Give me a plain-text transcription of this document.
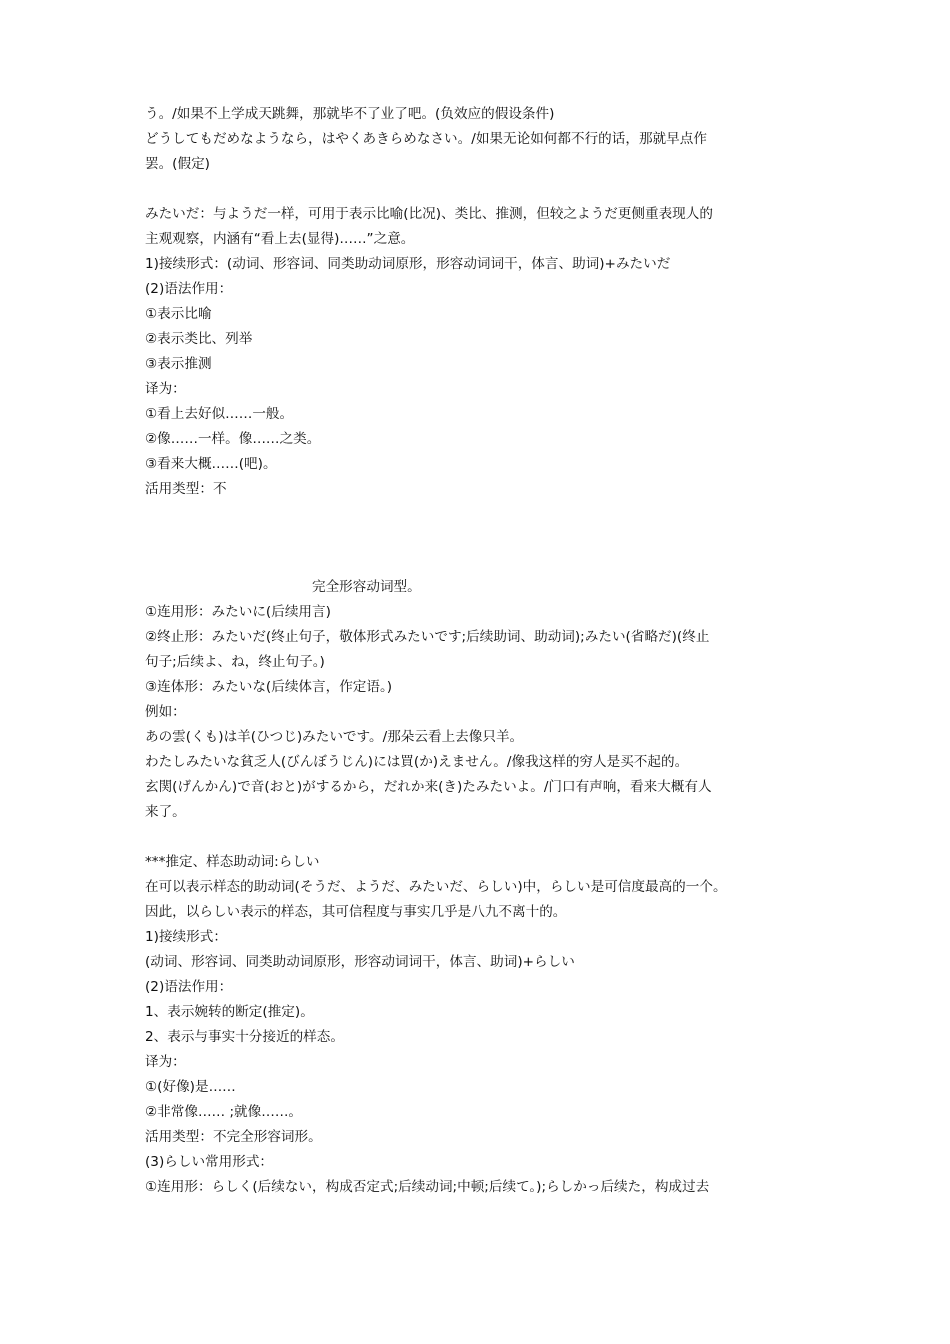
う。/如果不上学成天跳舞，那就毕不了业了吧。(负效应的假设条件)
どうしてもだめなようなら，はやくあきらめなさい。/如果无论如何都不行的话，那就早点作
罢。(假定)
みたいだ：与ようだ一样，可用于表示比喻(比况)、类比、推测，但较之ようだ更侧重表现人的
主观观察，内涵有“看上去(显得)……”之意。
1)接续形式：(动词、形容词、同类助动词原形，形容动词词干，体言、助词)+みたいだ
(2)语法作用：
①表示比喻
②表示类比、列举
③表示推测
译为：
①看上去好似……一般。
②像……一样。像……之类。
③看来大概……(吧)。
活用类型：不
完全形容动词型。
①连用形：みたいに(后续用言)
②终止形：みたいだ(终止句子，敬体形式みたいです;后续助词、助动词);みたい(省略だ)(终止
句子;后续よ、ね，终止句子。)
③连体形：みたいな(后续体言，作定语。)
例如：
あの雲(くも)は羊(ひつじ)みたいです。/那朵云看上去像只羊。
わたしみたいな貧乏人(びんぼうじん)には買(か)えません。/像我这样的穷人是买不起的。
玄関(げんかん)で音(おと)がするから，だれか来(き)たみたいよ。/门口有声响，看来大概有人
来了。
***推定、样态助动词:らしい
在可以表示样态的助动词(そうだ、ようだ、みたいだ、らしい)中，らしい是可信度最高的一个。
因此，以らしい表示的样态，其可信程度与事实几乎是八九不离十的。
1)接续形式：
(动词、形容词、同类助动词原形，形容动词词干，体言、助词)+らしい
(2)语法作用：
1、表示婉转的断定(推定)。
2、表示与事实十分接近的样态。
译为：
①(好像)是……
②非常像…… ;就像……。
活用类型：不完全形容词形。
(3)らしい常用形式：
①连用形：らしく(后续ない，构成否定式;后续动词;中顿;后续て。);らしかっ后续た，构成过去
